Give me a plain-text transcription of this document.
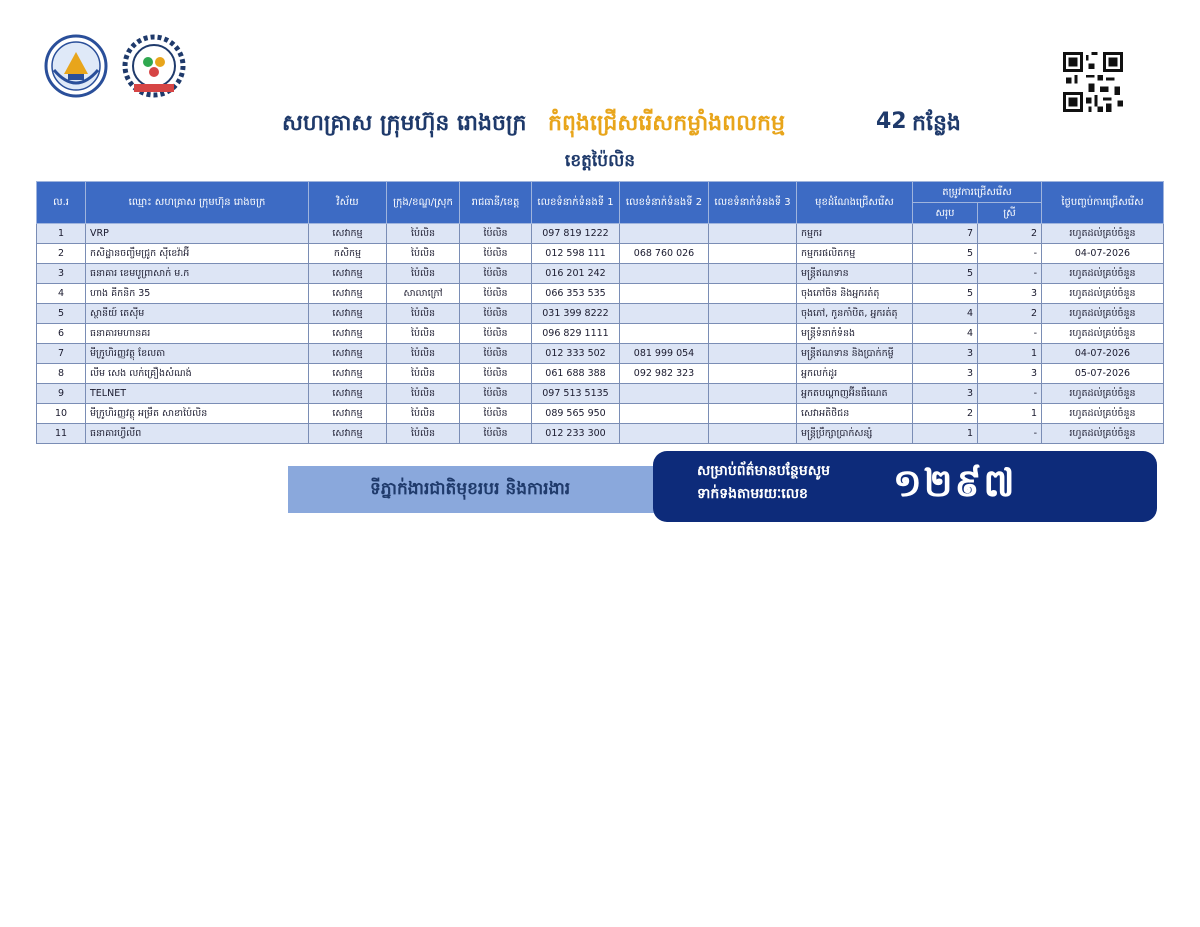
សហគ្រាស ក្រុមហ៊ុន រោងចក្រ កំពុងជ្រើសរើសកម្លាំងពលកម្ម	42 កន្លែង
ខេត្តប៉ៃលិន
ល.រ	ឈ្មោះ សហគ្រាស ក្រុមហ៊ុន រោងចក្រ	វិស័យ	ក្រុង/ខណ្ឌ/ស្រុក	រាជធានី/ខេត្ត	លេខទំនាក់ទំនងទី 1	លេខទំនាក់ទំនងទី 2	លេខទំនាក់ទំនងទី 3	មុខដំណែងជ្រើសរើស	តម្រូវការជ្រើសរើស		ថ្ងៃបញ្ចប់ការជ្រើសរើស
									សរុប	ស្រី	
1	VRP	សេវាកម្ម	ប៉ៃលិន	ប៉ៃលិន	097 819 1222			កម្មករ	7	2	រហូតដល់គ្រប់ចំនួន
2	កសិដ្ឋានចញ្ចឹមជ្រូក ស៊ីខេវ៉ាអ៊ី	កសិកម្ម	ប៉ៃលិន	ប៉ៃលិន	012 598 111	068 760 026		កម្មករផលិតកម្ម	5	-	04-07-2026
3	ធនាគារ ខេមបូព្រាសាក់ ម.ក	សេវាកម្ម	ប៉ៃលិន	ប៉ៃលិន	016 201 242			មន្ត្រីឥណទាន	5	-	រហូតដល់គ្រប់ចំនួន
4	ហាង គីកនិក 35	សេវាកម្ម	សាលាក្រៅ	ប៉ៃលិន	066 353 535			ចុងភៅចិន និងអ្នករត់តុ	5	3	រហូតដល់គ្រប់ចំនួន
5	ស្ថានីយ៍ តេស៊ីម	សេវាកម្ម	ប៉ៃលិន	ប៉ៃលិន	031 399 8222			ចុងភៅ, កូនកាំបិត, អ្នករត់តុ	4	2	រហូតដល់គ្រប់ចំនួន
6	ធនាគារមហានគរ	សេវាកម្ម	ប៉ៃលិន	ប៉ៃលិន	096 829 1111			មន្ត្រីទំនាក់ទំនង	4	-	រហូតដល់គ្រប់ចំនួន
7	មីក្រូហិរញ្ញវត្ថុ ខែលតា	សេវាកម្ម	ប៉ៃលិន	ប៉ៃលិន	012 333 502	081 999 054		មន្ត្រីឥណទាន និងប្រាក់កម្ចី	3	1	04-07-2026
8	លីម សេង លក់គ្រឿងសំណង់	សេវាកម្ម	ប៉ៃលិន	ប៉ៃលិន	061 688 388	092 982 323		អ្នកលក់ដូរ	3	3	05-07-2026
9	TELNET	សេវាកម្ម	ប៉ៃលិន	ប៉ៃលិន	097 513 5135			អ្នកតបណ្តាញអ៊ីនធឺណេត	3	-	រហូតដល់គ្រប់ចំនួន
10	មីក្រូហិរញ្ញវត្ថុ អម្រឹត សាខាប៉ៃលិន	សេវាកម្ម	ប៉ៃលិន	ប៉ៃលិន	089 565 950			សេវាអតិថិជន	2	1	រហូតដល់គ្រប់ចំនួន
11	ធនាគារហ្វីលីព	សេវាកម្ម	ប៉ៃលិន	ប៉ៃលិន	012 233 300			មន្ត្រីប្រឹក្សាប្រាក់សន្សំ	1	-	រហូតដល់គ្រប់ចំនួន
ទីភ្នាក់ងារជាតិមុខរបរ និងការងារ
សម្រាប់ព័ត៌មានបន្ថែមសូម
ទាក់ទងតាមរយៈលេខ ១២៩៧
